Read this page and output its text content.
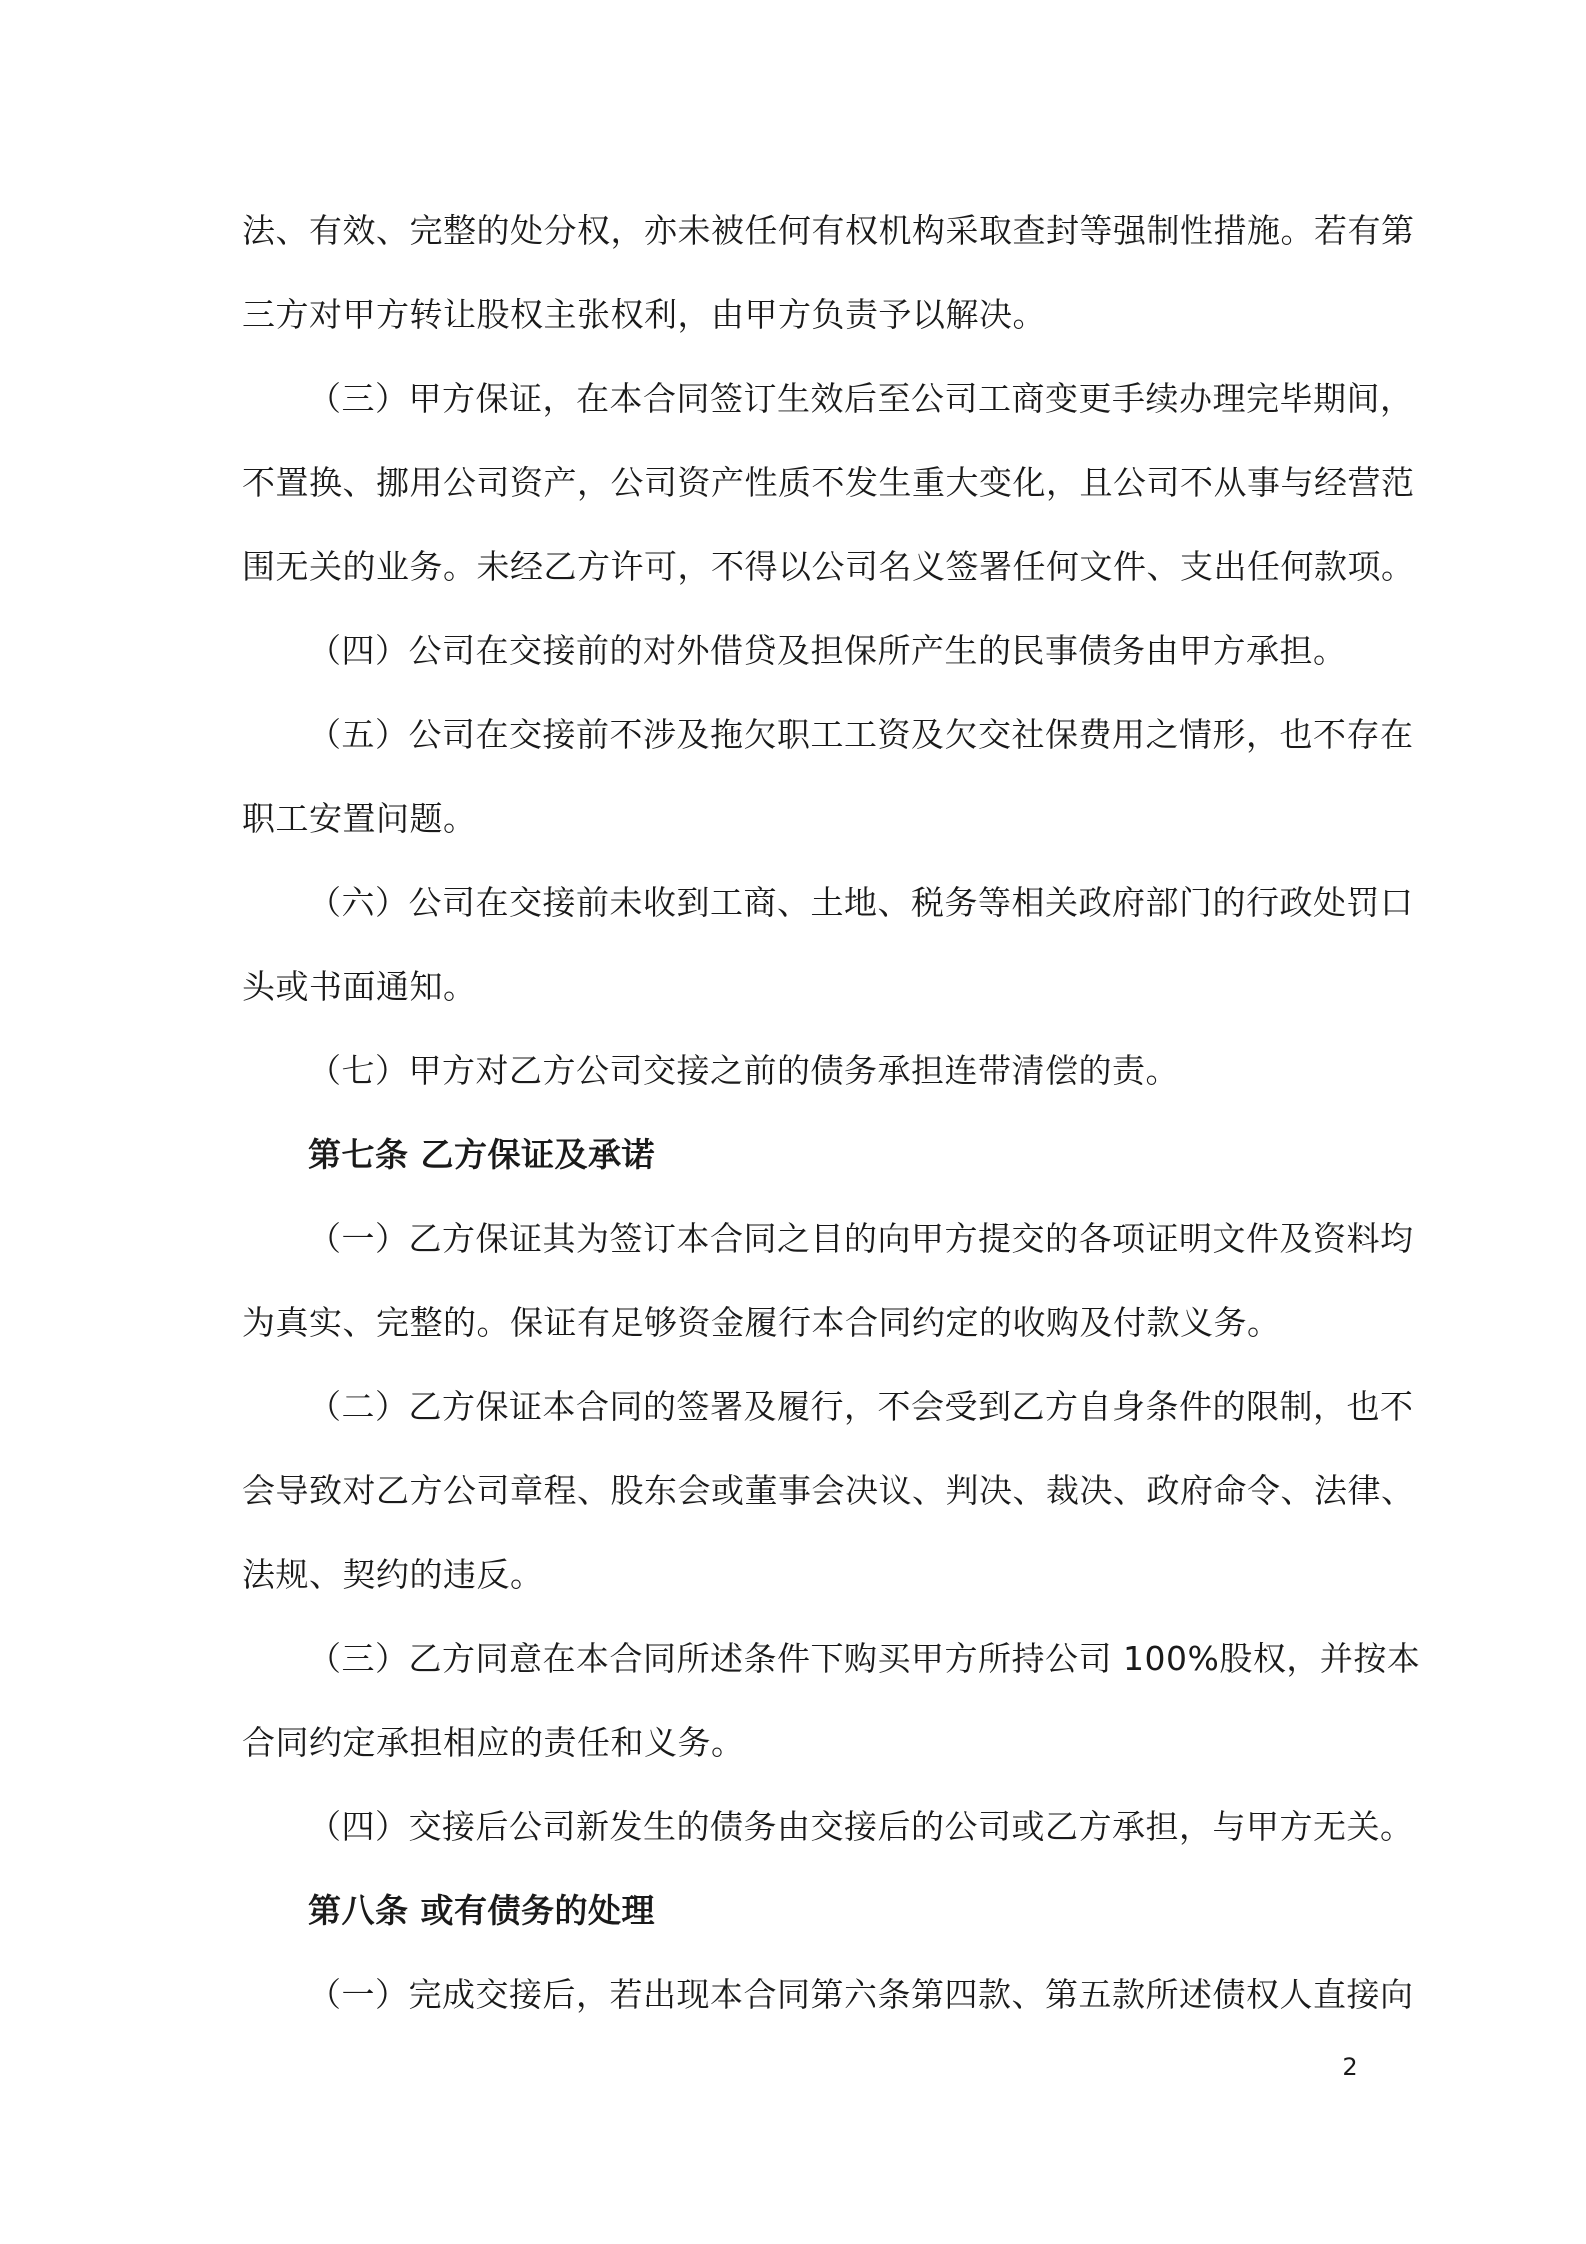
法、有效、完整的处分权，亦未被任何有权机构采取查封等强制性措施。若有第
三方对甲方转让股权主张权利，由甲方负责予以解决。
（三）甲方保证，在本合同签订生效后至公司工商变更手续办理完毕期间，
不置换、挪用公司资产，公司资产性质不发生重大变化，且公司不从事与经营范
围无关的业务。未经乙方许可，不得以公司名义签署任何文件、支出任何款项。
（四）公司在交接前的对外借贷及担保所产生的民事债务由甲方承担。
（五）公司在交接前不涉及拖欠职工工资及欠交社保费用之情形，也不存在
职工安置问题。
（六）公司在交接前未收到工商、土地、税务等相关政府部门的行政处罚口
头或书面通知。
（七）甲方对乙方公司交接之前的债务承担连带清偿的责。
第七条 乙方保证及承诺
（一）乙方保证其为签订本合同之目的向甲方提交的各项证明文件及资料均
为真实、完整的。保证有足够资金履行本合同约定的收购及付款义务。
（二）乙方保证本合同的签署及履行，不会受到乙方自身条件的限制，也不
会导致对乙方公司章程、股东会或董事会决议、判决、裁决、政府命令、法律、
法规、契约的违反。
（三）乙方同意在本合同所述条件下购买甲方所持公司 100%股权，并按本
合同约定承担相应的责任和义务。
（四）交接后公司新发生的债务由交接后的公司或乙方承担，与甲方无关。
第八条 或有债务的处理
（一）完成交接后，若出现本合同第六条第四款、第五款所述债权人直接向
2
